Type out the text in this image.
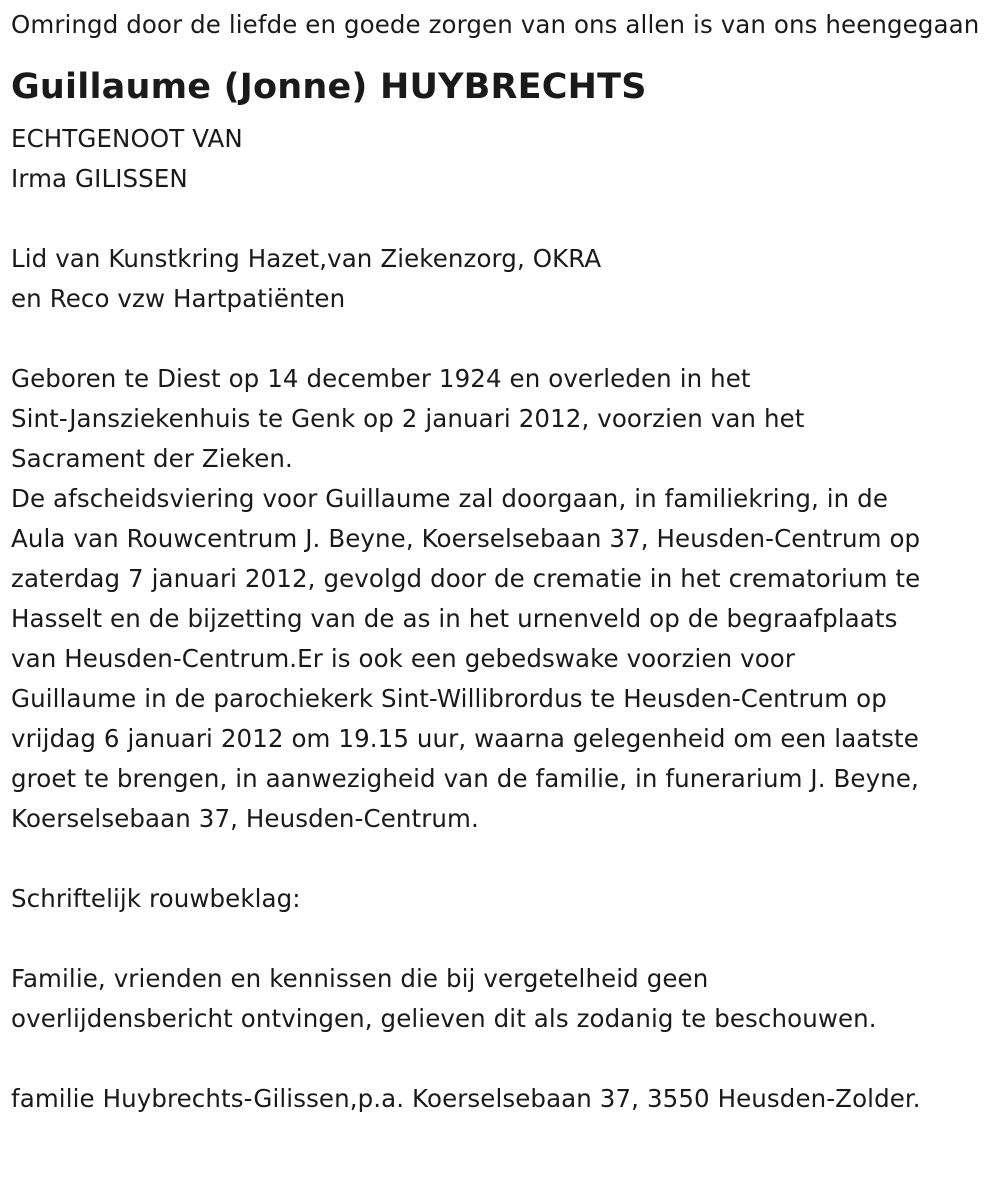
Omringd door de liefde en goede zorgen van ons allen is van ons heengegaan

Guillaume (Jonne) HUYBRECHTS

ECHTGENOOT VAN

Irma GILISSEN

Lid van Kunstkring Hazet,van Ziekenzorg, OKRA

en Reco vzw Hartpatiënten

Geboren te Diest op 14 december 1924 en overleden in het

Sint-Jansziekenhuis te Genk op 2 januari 2012, voorzien van het

Sacrament der Zieken.

De afscheidsviering voor Guillaume zal doorgaan, in familiekring, in de

Aula van Rouwcentrum J. Beyne, Koerselsebaan 37, Heusden-Centrum op

zaterdag 7 januari 2012, gevolgd door de crematie in het crematorium te

Hasselt en de bijzetting van de as in het urnenveld op de begraafplaats

van Heusden-Centrum.Er is ook een gebedswake voorzien voor

Guillaume in de parochiekerk Sint-Willibrordus te Heusden-Centrum op

vrijdag 6 januari 2012 om 19.15 uur, waarna gelegenheid om een laatste

groet te brengen, in aanwezigheid van de familie, in funerarium J. Beyne,

Koerselsebaan 37, Heusden-Centrum.

Schriftelijk rouwbeklag:

Familie, vrienden en kennissen die bij vergetelheid geen

overlijdensbericht ontvingen, gelieven dit als zodanig te beschouwen.

familie Huybrechts-Gilissen,p.a. Koerselsebaan 37, 3550 Heusden-Zolder.
